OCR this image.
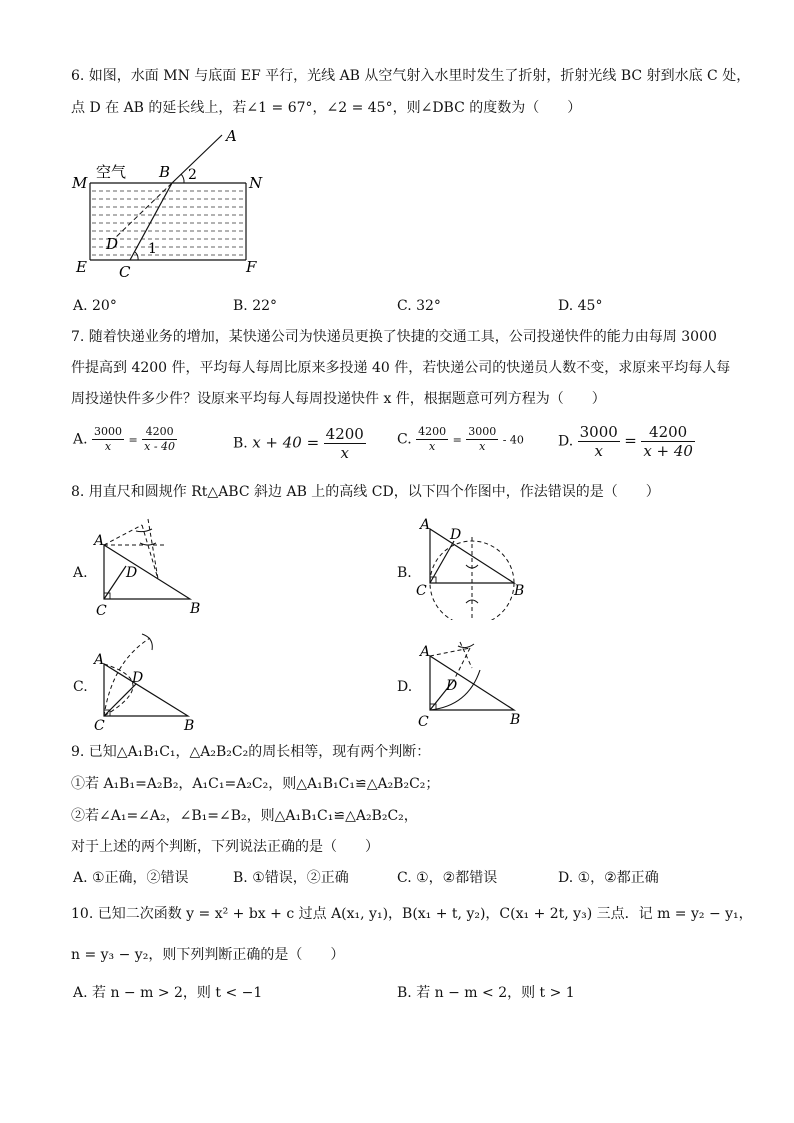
6. 如图，水面 MN 与底面 EF 平行，光线 AB 从空气射入水里时发生了折射，折射光线 BC 射到水底 C 处，
点 D 在 AB 的延长线上，若∠1 = 67°，∠2 = 45°，则∠DBC 的度数为（　　）
A
B 2
空气
M	N
D 1
E	F
C
A. 20°	B. 22°	C. 32°	D. 45°
7. 随着快递业务的增加，某快递公司为快递员更换了快捷的交通工具，公司投递快件的能力由每周 3000
件提高到 4200 件，平均每人每周比原来多投递 40 件，若快递公司的快递员人数不变，求原来平均每人每
周投递快件多少件？设原来平均每人每周投递快件 x 件，根据题意可列方程为（　　）
A. $\frac{3000}{x} = \frac{4200}{x - 40}$	B. $x + 40 = \frac{4200}{x} C$. $\frac{4200}{x} = \frac{3000}{x} - 40$ D. $\frac{3000}{x} = \frac{4200}{x + 40}$
8. 用直尺和圆规作 Rt△ABC 斜边 AB 上的高线 CD，以下四个作图中，作法错误的是（　　）
A.
A
D
C	B
B.
A
D
C	B
C.
A
D
C	B
D.
A
D
C	B
9. 已知△A₁B₁C₁，△A₂B₂C₂的周长相等，现有两个判断：
①若 A₁B₁=A₂B₂，A₁C₁=A₂C₂，则△A₁B₁C₁≌△A₂B₂C₂；
②若∠A₁=∠A₂，∠B₁=∠B₂，则△A₁B₁C₁≌△A₂B₂C₂，
对于上述的两个判断，下列说法正确的是（　　）
A. ①正确，②错误	B. ①错误，②正确	C. ①，②都错误	D. ①，②都正确
10. 已知二次函数 y = x² + bx + c 过点 A(x₁, y₁)，B(x₁ + t, y₂)，C(x₁ + 2t, y₃) 三点．记 m = y₂ − y₁，
n = y₃ − y₂，则下列判断正确的是（　　）
A. 若 n − m > 2，则 t < −1	B. 若 n − m < 2，则 t > 1
